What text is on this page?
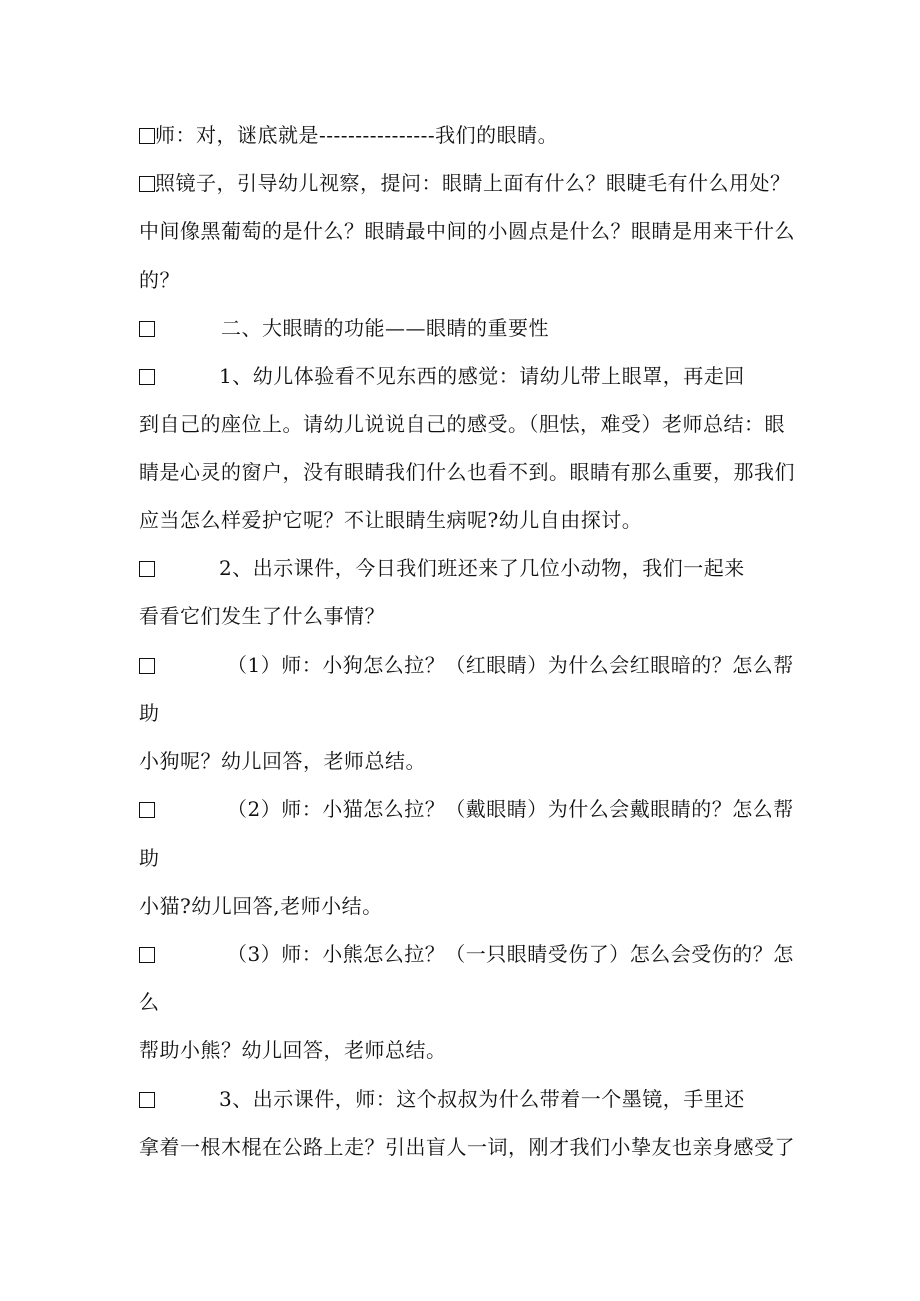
师：对，谜底就是----------------我们的眼睛。
照镜子，引导幼儿视察，提问：眼睛上面有什么？眼睫毛有什么用处？
中间像黑葡萄的是什么？眼睛最中间的小圆点是什么？眼睛是用来干什么
的？
二、大眼睛的功能——眼睛的重要性
1、幼儿体验看不见东西的感觉：请幼儿带上眼罩，再走回
到自己的座位上。请幼儿说说自己的感受。（胆怯，难受）老师总结：眼
睛是心灵的窗户，没有眼睛我们什么也看不到。眼睛有那么重要，那我们
应当怎么样爱护它呢？不让眼睛生病呢?幼儿自由探讨。
2、出示课件，今日我们班还来了几位小动物，我们一起来
看看它们发生了什么事情？
（1）师：小狗怎么拉？（红眼睛）为什么会红眼暗的？怎么帮
助
小狗呢？幼儿回答，老师总结。
（2）师：小猫怎么拉？（戴眼睛）为什么会戴眼睛的？怎么帮
助
小猫?幼儿回答,老师小结。
（3）师：小熊怎么拉？（一只眼睛受伤了）怎么会受伤的？怎
么
帮助小熊？幼儿回答，老师总结。
3、出示课件，师：这个叔叔为什么带着一个墨镜，手里还
拿着一根木棍在公路上走？引出盲人一词，刚才我们小挚友也亲身感受了
